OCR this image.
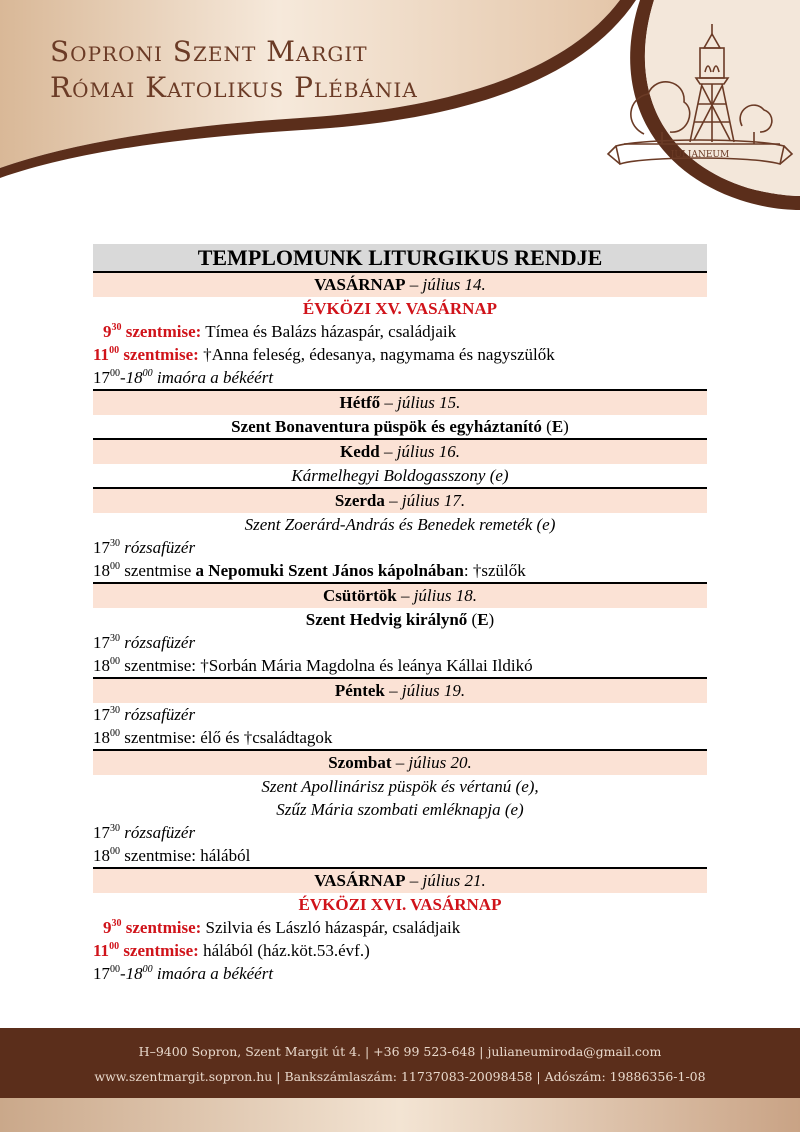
Soproni Szent Margit
Római Katolikus Plébánia
JULIANEUM
TEMPLOMUNK LITURGIKUS RENDJE
VASÁRNAP – július 14.
ÉVKÖZI XV. VASÁRNAP
$9^{30}$ szentmise: Tímea és Balázs házaspár, családjaik
$11^{00}$ szentmise: †Anna feleség, édesanya, nagymama és nagyszülők
$17^{00}-18^{00}$ imaóra a békéért
Hétfő – július 15.
Szent Bonaventura püspök és egyháztanító (E)
Kedd – július 16.
Kármelhegyi Boldogasszony (e)
Szerda – július 17.
Szent Zoerárd-András és Benedek remeték (e)
$17^{30}$ rózsafüzér
$18^{00}$ szentmise a Nepomuki Szent János kápolnában: †szülők
Csütörtök – július 18.
Szent Hedvig királynő (E)
$17^{30}$ rózsafüzér
$18^{00}$ szentmise: †Sorbán Mária Magdolna és leánya Kállai Ildikó
Péntek – július 19.
$17^{30}$ rózsafüzér
$18^{00}$ szentmise: élő és †családtagok
Szombat – július 20.
Szent Apollinárisz püspök és vértanú (e),
Szűz Mária szombati emléknapja (e)
$17^{30}$ rózsafüzér
$18^{00}$ szentmise: hálából
VASÁRNAP – július 21.
ÉVKÖZI XVI. VASÁRNAP
$9^{30}$ szentmise: Szilvia és László házaspár, családjaik
$11^{00}$ szentmise: hálából (ház.köt.53.évf.)
$17^{00}-18^{00}$ imaóra a békéért
H–9400 Sopron, Szent Margit út 4. | +36 99 523-648 | julianeumiroda@gmail.com
www.szentmargit.sopron.hu | Bankszámlaszám: 11737083-20098458 | Adószám: 19886356-1-08
